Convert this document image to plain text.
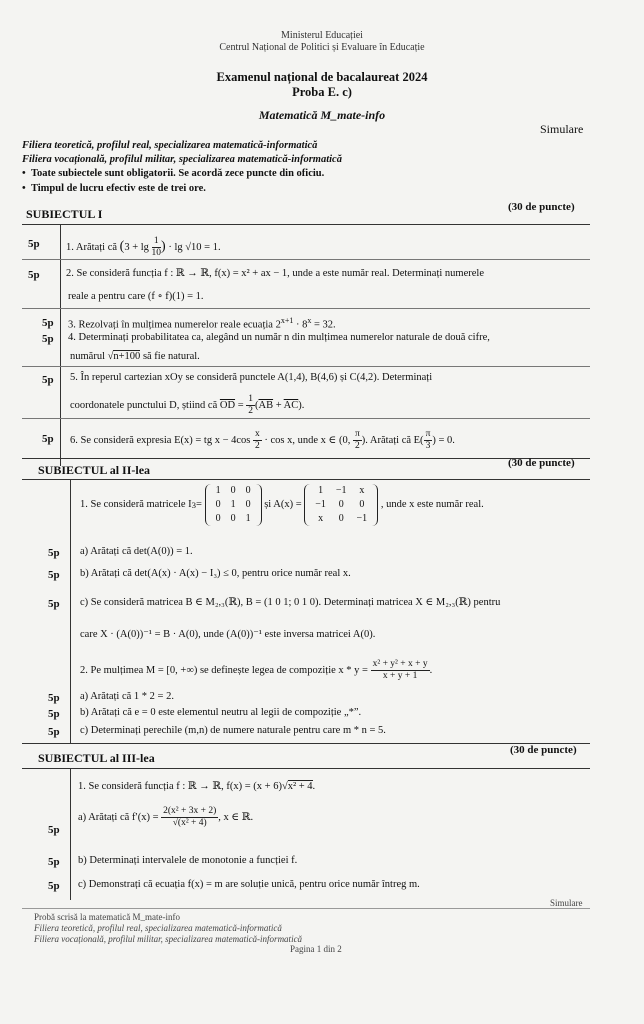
Ministerul Educației
Centrul Național de Politici și Evaluare în Educație
Examenul național de bacalaureat 2024
Proba E. c)
Matematică M_mate-info
Simulare
Filiera teoretică, profilul real, specializarea matematică-informatică
Filiera vocațională, profilul militar, specializarea matematică-informatică
•  Toate subiectele sunt obligatorii. Se acordă zece puncte din oficiu.
•  Timpul de lucru efectiv este de trei ore.
SUBIECTUL I	(30 de puncte)
5p	1. Arătați că ($3 + \lg \frac{1}{10}$ ) · lg √10 = 1.
5p	2. Se consideră funcția f : ℝ → ℝ, f(x) = x² + ax − 1, unde a este număr real. Determinați numerele
reale a pentru care (f ∘ f)(1) = 1.
5p 3. Rezolvați în mulțimea numerelor reale ecuația $2^{x+1} \cdot 8^x = 32$.
5p 4. Determinați probabilitatea ca, alegând un număr n din mulțimea numerelor naturale de două cifre,
numărul √n+100 să fie natural.
5p 5. În reperul cartezian xOy se consideră punctele A(1,4), B(4,6) și C(4,2). Determinați
coordonatele punctului D, știind că $\overline{OD} = \frac{1}{2} (\overline{AB} + \overline{AC})$.
5p 6. Se consideră expresia E(x) = tg $x - 4\cos \frac{x}{2} \cdot \cos x$, unde x ∈ (0, $\frac{\pi}{2}$ ). Arătați că $E( \frac{\pi}{3}$ ) = 0.
SUBIECTUL al II-lea	(30 de puncte)
1. Se consideră matricele I 3 =
1	0	0
0	1	0
0	0	1
și A(x) =
1	−1	x
−1	0	0
x	0	−1
, unde x este număr real.
5p a) Arătați că det(A(0)) = 1.
5p b) Arătați că det(A(x) · A(x) − I₃) ≤ 0, pentru orice număr real x.
5p c) Se consideră matricea B ∈ M₂,₃(ℝ), B = (1 0 1; 0 1 0). Determinați matricea X ∈ M₂,₃(ℝ) pentru
care X · (A(0))⁻¹ = B · A(0), unde (A(0))⁻¹ este inversa matricei A(0).
2. Pe mulțimea M = [0, +∞) se definește legea de compoziție $x * y = \frac{\text{x² + y² + x + y}}{x + y + 1}$ .
5p a) Arătați că 1 * 2 = 2.
5p b) Arătați că e = 0 este elementul neutru al legii de compoziție „*”.
5p c) Determinați perechile (m,n) de numere naturale pentru care m * n = 5.
SUBIECTUL al III-lea
(30 de puncte)
1. Se consideră funcția f : ℝ → ℝ, f(x) = (x + 6)√x² + 4.
5p
a) Arătați că $f'(x) = \frac{\text{2(x² + 3x + 2)}}{\text{√(x² + 4)}}$ , x ∈ ℝ.
5p b) Determinați intervalele de monotonie a funcției f.
5p c) Demonstrați că ecuația f(x) = m are soluție unică, pentru orice număr întreg m.
Simulare
Probă scrisă la matematică M_mate-info
Filiera teoretică, profilul real, specializarea matematică-informatică
Filiera vocațională, profilul militar, specializarea matematică-informatică
Pagina 1 din 2
